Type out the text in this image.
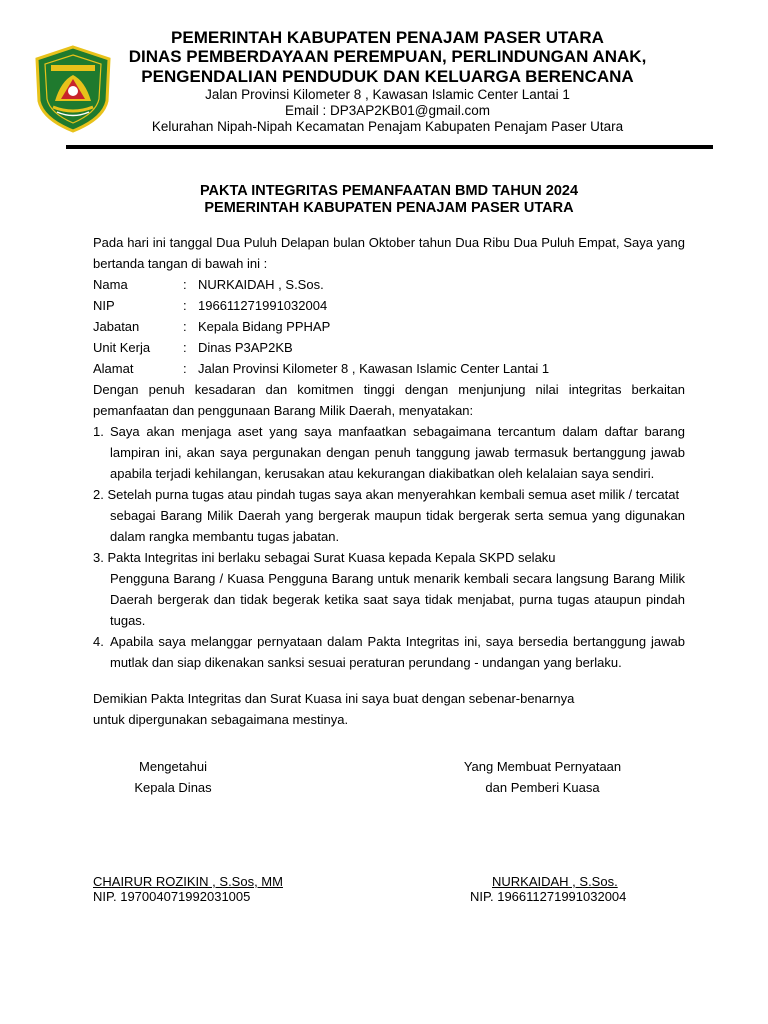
PEMERINTAH KABUPATEN PENAJAM PASER UTARA
DINAS PEMBERDAYAAN PEREMPUAN, PERLINDUNGAN ANAK,
PENGENDALIAN PENDUDUK DAN KELUARGA BERENCANA
Jalan Provinsi Kilometer 8 , Kawasan Islamic Center Lantai 1
Email : DP3AP2KB01@gmail.com
Kelurahan Nipah-Nipah Kecamatan Penajam Kabupaten Penajam Paser Utara
PAKTA INTEGRITAS PEMANFAATAN BMD TAHUN 2024
PEMERINTAH KABUPATEN PENAJAM PASER UTARA

Pada hari ini tanggal Dua Puluh Delapan bulan Oktober tahun Dua Ribu Dua Puluh Empat, Saya yang bertanda tangan di bawah ini :

Nama	: NURKAIDAH , S.Sos.
NIP	: 196611271991032004
Jabatan	: Kepala Bidang PPHAP
Unit Kerja	: Dinas P3AP2KB
Alamat	: Jalan Provinsi Kilometer 8 , Kawasan Islamic Center Lantai 1

Dengan penuh kesadaran dan komitmen tinggi dengan menjunjung nilai integritas berkaitan pemanfaatan dan penggunaan Barang Milik Daerah, menyatakan:

1. Saya akan menjaga aset yang saya manfaatkan sebagaimana tercantum dalam daftar barang lampiran ini, akan saya pergunakan dengan penuh tanggung jawab termasuk bertanggung jawab apabila terjadi kehilangan, kerusakan atau kekurangan diakibatkan oleh kelalaian saya sendiri.
2. Setelah purna tugas atau pindah tugas saya akan menyerahkan kembali semua aset milik / tercatat
sebagai Barang Milik Daerah yang bergerak maupun tidak bergerak serta semua yang digunakan dalam rangka membantu tugas jabatan.
3. Pakta Integritas ini berlaku sebagai Surat Kuasa kepada Kepala SKPD selaku
Pengguna Barang / Kuasa Pengguna Barang untuk menarik kembali secara langsung Barang Milik Daerah bergerak dan tidak begerak ketika saat saya tidak menjabat, purna tugas ataupun pindah tugas.
4. Apabila saya melanggar pernyataan dalam Pakta Integritas ini, saya bersedia bertanggung jawab mutlak dan siap dikenakan sanksi sesuai peraturan perundang - undangan yang berlaku.
Demikian Pakta Integritas dan Surat Kuasa ini saya buat dengan sebenar-benarnya
untuk dipergunakan sebagaimana mestinya.
Mengetahui
Kepala Dinas
Yang Membuat Pernyataan
dan Pemberi Kuasa
CHAIRUR ROZIKIN , S.Sos, MM
NIP. 197004071992031005
NURKAIDAH , S.Sos.
NIP. 196611271991032004
